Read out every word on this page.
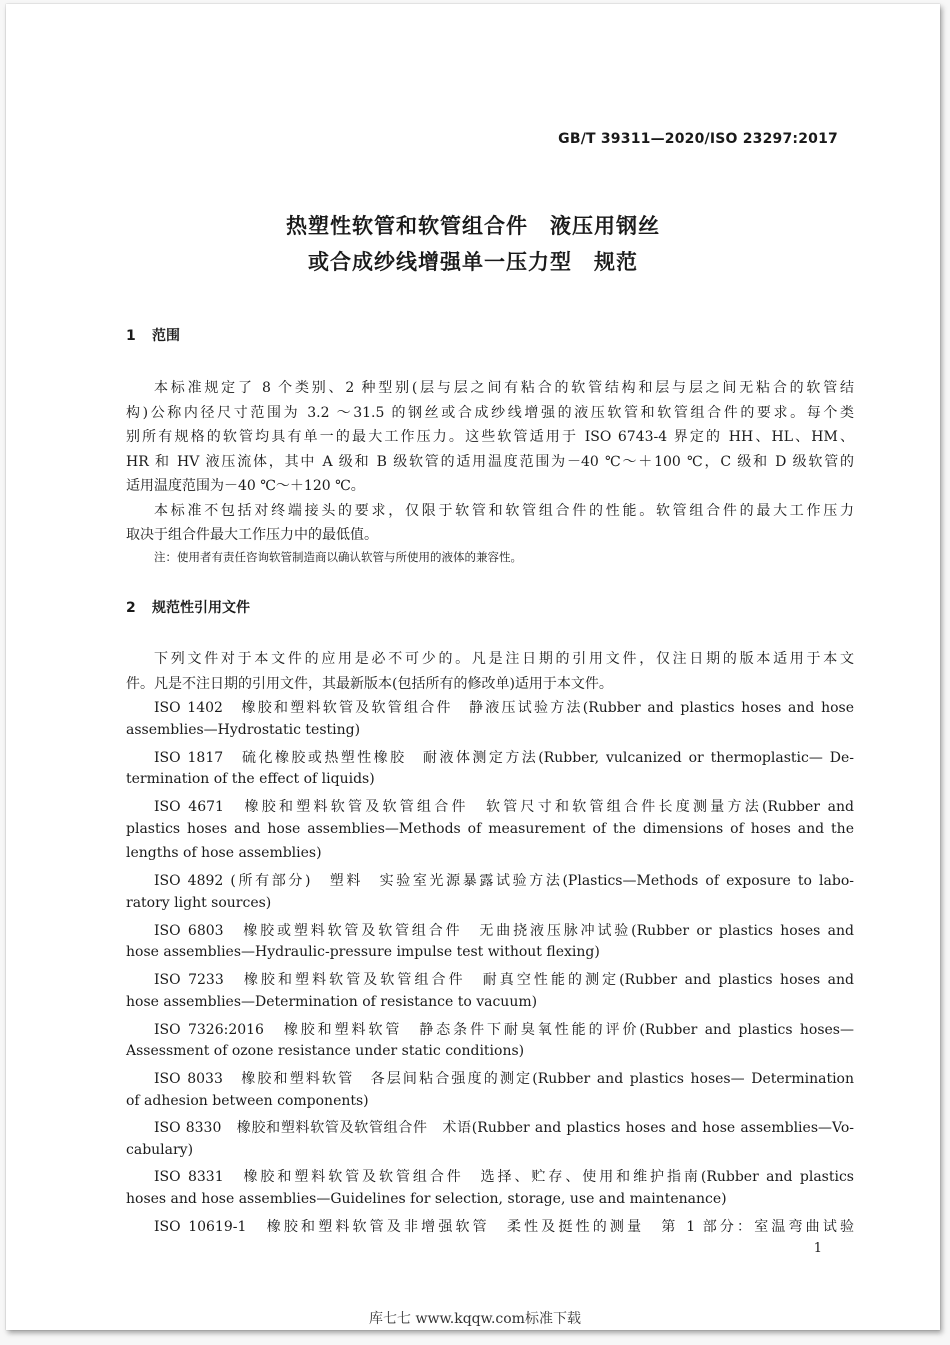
GB/T 39311—2020/ISO 23297:2017
热塑性软管和软管组合件　液压用钢丝
或合成纱线增强单一压力型　规范
1 范围
本标准规定了 8 个类别、2 种型别(层与层之间有粘合的软管结构和层与层之间无粘合的软管结
构)公称内径尺寸范围为 3.2 ～31.5 的钢丝或合成纱线增强的液压软管和软管组合件的要求。每个类
别所有规格的软管均具有单一的最大工作压力。这些软管适用于 ISO 6743-4 界定的 HH、HL、HM、
HR 和 HV 液压流体，其中 A 级和 B 级软管的适用温度范围为－40 ℃～＋100 ℃，C 级和 D 级软管的
适用温度范围为－40 ℃～＋120 ℃。
本标准不包括对终端接头的要求，仅限于软管和软管组合件的性能。软管组合件的最大工作压力
取决于组合件最大工作压力中的最低值。
注：使用者有责任咨询软管制造商以确认软管与所使用的液体的兼容性。
2 规范性引用文件
下列文件对于本文件的应用是必不可少的。凡是注日期的引用文件，仅注日期的版本适用于本文
件。凡是不注日期的引用文件，其最新版本(包括所有的修改单)适用于本文件。
ISO 1402　橡胶和塑料软管及软管组合件　静液压试验方法(Rubber and plastics hoses and hose
assemblies—Hydrostatic testing)
ISO 1817　硫化橡胶或热塑性橡胶　耐液体测定方法(Rubber, vulcanized or thermoplastic— De-
termination of the effect of liquids)
ISO 4671　橡胶和塑料软管及软管组合件　软管尺寸和软管组合件长度测量方法(Rubber and
plastics hoses and hose assemblies—Methods of measurement of the dimensions of hoses and the
lengths of hose assemblies)
ISO 4892 (所有部分)　塑料　实验室光源暴露试验方法(Plastics—Methods of exposure to labo-
ratory light sources)
ISO 6803　橡胶或塑料软管及软管组合件　无曲挠液压脉冲试验(Rubber or plastics hoses and
hose assemblies—Hydraulic-pressure impulse test without flexing)
ISO 7233　橡胶和塑料软管及软管组合件　耐真空性能的测定(Rubber and plastics hoses and
hose assemblies—Determination of resistance to vacuum)
ISO 7326:2016　橡胶和塑料软管　静态条件下耐臭氧性能的评价(Rubber and plastics hoses—
Assessment of ozone resistance under static conditions)
ISO 8033　橡胶和塑料软管　各层间粘合强度的测定(Rubber and plastics hoses— Determination
of adhesion between components)
ISO 8330　橡胶和塑料软管及软管组合件　术语(Rubber and plastics hoses and hose assemblies—Vo-
cabulary)
ISO 8331　橡胶和塑料软管及软管组合件　选择、贮存、使用和维护指南(Rubber and plastics
hoses and hose assemblies—Guidelines for selection, storage, use and maintenance)
ISO 10619-1　橡胶和塑料软管及非增强软管　柔性及挺性的测量　第 1 部分：室温弯曲试验
1
库七七 www.kqqw.com标准下载
